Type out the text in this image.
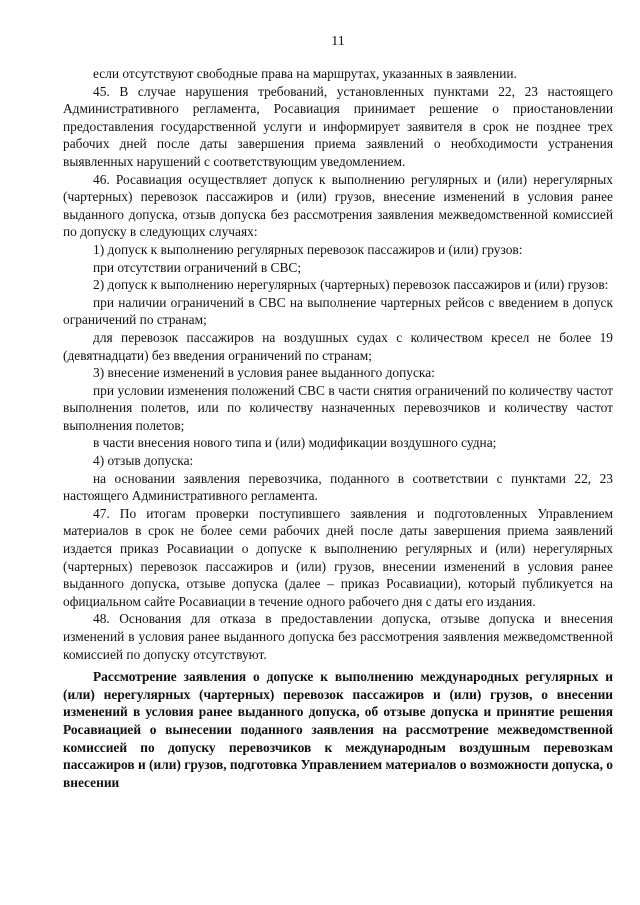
11

если отсутствуют свободные права на маршрутах, указанных в заявлении.

45. В случае нарушения требований, установленных пунктами 22, 23 настоящего Административного регламента, Росавиация принимает решение о приостановлении предоставления государственной услуги и информирует заявителя в срок не позднее трех рабочих дней после даты завершения приема заявлений о необходимости устранения выявленных нарушений с соответствующим уведомлением.

46. Росавиация осуществляет допуск к выполнению регулярных и (или) нерегулярных (чартерных) перевозок пассажиров и (или) грузов, внесение изменений в условия ранее выданного допуска, отзыв допуска без рассмотрения заявления межведомственной комиссией по допуску в следующих случаях:

1) допуск к выполнению регулярных перевозок пассажиров и (или) грузов:

при отсутствии ограничений в СВС;

2) допуск к выполнению нерегулярных (чартерных) перевозок пассажиров и (или) грузов:

при наличии ограничений в СВС на выполнение чартерных рейсов с введением в допуск ограничений по странам;

для перевозок пассажиров на воздушных судах с количеством кресел не более 19 (девятнадцати) без введения ограничений по странам;

3) внесение изменений в условия ранее выданного допуска:

при условии изменения положений СВС в части снятия ограничений по количеству частот выполнения полетов, или по количеству назначенных перевозчиков и количеству частот выполнения полетов;

в части внесения нового типа и (или) модификации воздушного судна;

4) отзыв допуска:

на основании заявления перевозчика, поданного в соответствии с пунктами 22, 23 настоящего Административного регламента.

47. По итогам проверки поступившего заявления и подготовленных Управлением материалов в срок не более семи рабочих дней после даты завершения приема заявлений издается приказ Росавиации о допуске к выполнению регулярных и (или) нерегулярных (чартерных) перевозок пассажиров и (или) грузов, внесении изменений в условия ранее выданного допуска, отзыве допуска (далее – приказ Росавиации), который публикуется на официальном сайте Росавиации в течение одного рабочего дня с даты его издания.

48. Основания для отказа в предоставлении допуска, отзыве допуска и внесения изменений в условия ранее выданного допуска без рассмотрения заявления межведомственной комиссией по допуску отсутствуют.

Рассмотрение заявления о допуске к выполнению международных регулярных и (или) нерегулярных (чартерных) перевозок пассажиров и (или) грузов, о внесении изменений в условия ранее выданного допуска, об отзыве допуска и принятие решения Росавиацией о вынесении поданного заявления на рассмотрение межведомственной комиссией по допуску перевозчиков к международным воздушным перевозкам пассажиров и (или) грузов, подготовка Управлением материалов о возможности допуска, о внесении
